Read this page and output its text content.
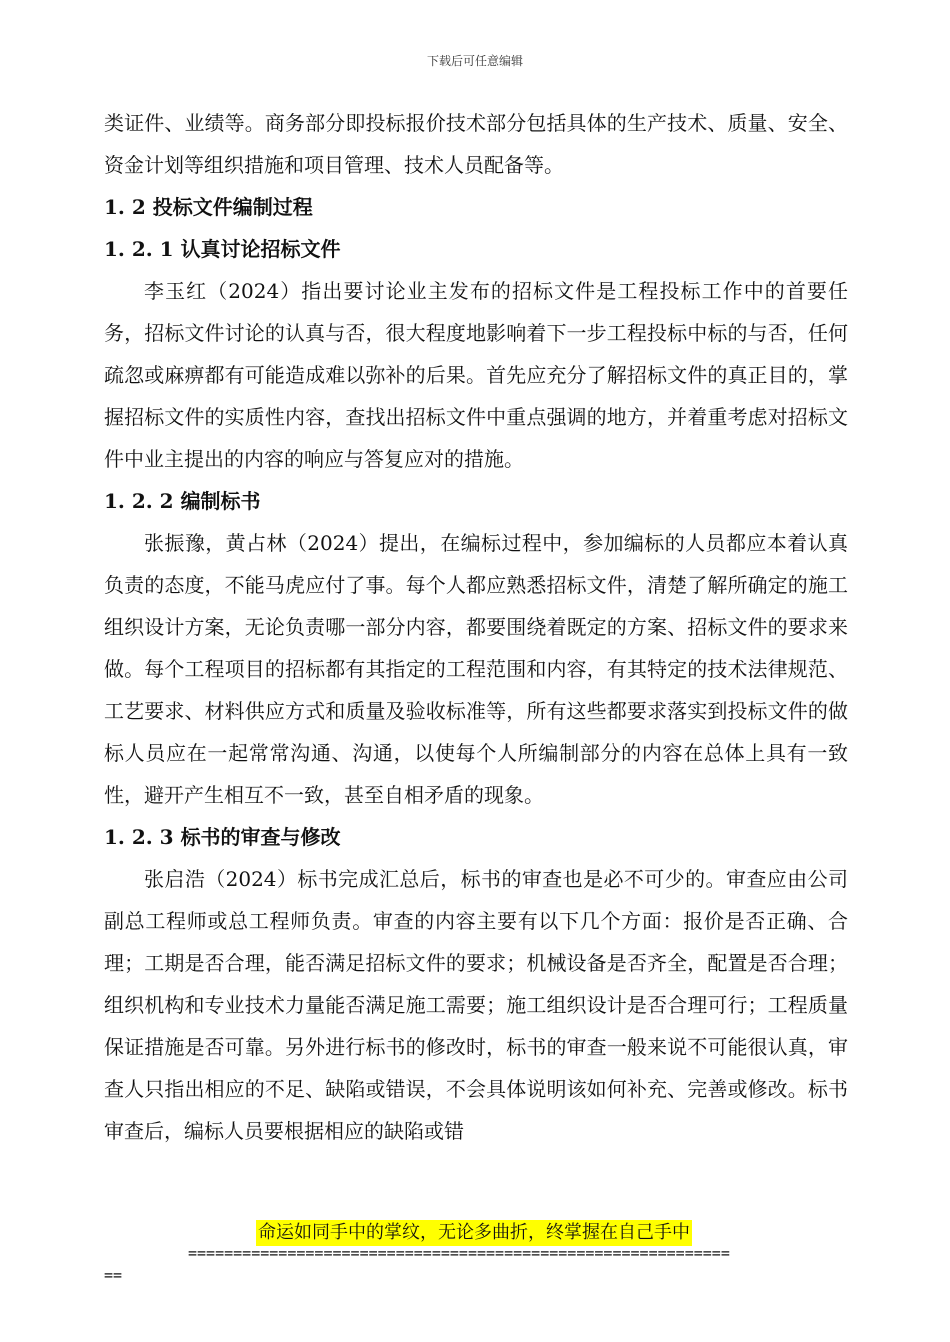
下载后可任意编辑

类证件、业绩等。商务部分即投标报价技术部分包括具体的生产技术、质量、安全、资金计划等组织措施和项目管理、技术人员配备等。

1. 2 投标文件编制过程

1. 2. 1 认真讨论招标文件

李玉红（2024）指出要讨论业主发布的招标文件是工程投标工作中的首要任务，招标文件讨论的认真与否，很大程度地影响着下一步工程投标中标的与否，任何疏忽或麻痹都有可能造成难以弥补的后果。首先应充分了解招标文件的真正目的，掌握招标文件的实质性内容，查找出招标文件中重点强调的地方，并着重考虑对招标文件中业主提出的内容的响应与答复应对的措施。

1. 2. 2 编制标书

张振豫，黄占林（2024）提出，在编标过程中，参加编标的人员都应本着认真负责的态度，不能马虎应付了事。每个人都应熟悉招标文件，清楚了解所确定的施工组织设计方案，无论负责哪一部分内容，都要围绕着既定的方案、招标文件的要求来做。每个工程项目的招标都有其指定的工程范围和内容，有其特定的技术法律规范、工艺要求、材料供应方式和质量及验收标准等，所有这些都要求落实到投标文件的做标人员应在一起常常沟通、沟通，以使每个人所编制部分的内容在总体上具有一致性，避开产生相互不一致，甚至自相矛盾的现象。

1. 2. 3 标书的审查与修改

张启浩（2024）标书完成汇总后，标书的审查也是必不可少的。审查应由公司副总工程师或总工程师负责。审查的内容主要有以下几个方面：报价是否正确、合理；工期是否合理，能否满足招标文件的要求；机械设备是否齐全，配置是否合理；组织机构和专业技术力量能否满足施工需要；施工组织设计是否合理可行；工程质量保证措施是否可靠。另外进行标书的修改时，标书的审查一般来说不可能很认真，审查人只指出相应的不足、缺陷或错误，不会具体说明该如何补充、完善或修改。标书审查后，编标人员要根据相应的缺陷或错

命运如同手中的掌纹，无论多曲折，终掌握在自己手中
============================================================
==
